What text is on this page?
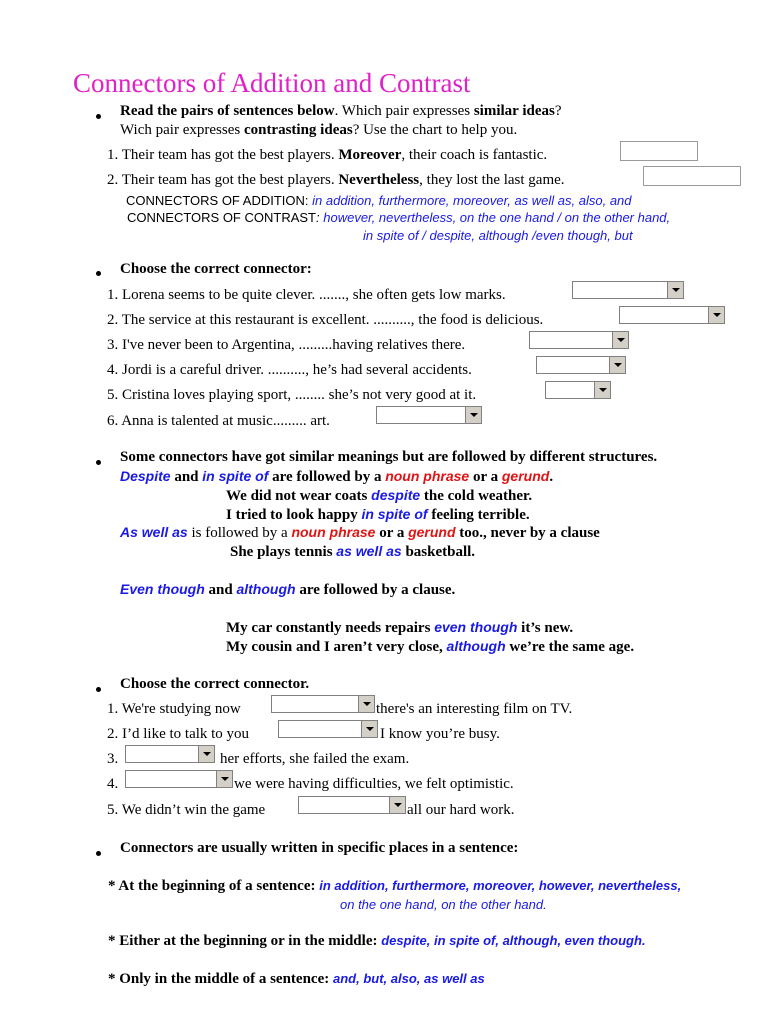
Connectors of Addition and Contrast
Read the pairs of sentences below. Which pair expresses similar ideas?
Wich pair expresses contrasting ideas? Use the chart to help you.
1. Their team has got the best players. Moreover, their coach is fantastic.
2. Their team has got the best players. Nevertheless, they lost the last game.
CONNECTORS OF ADDITION: in addition, furthermore, moreover, as well as, also, and
CONNECTORS OF CONTRAST: however, nevertheless, on the one hand / on the other hand,
in spite of / despite, although /even though, but
Choose the correct connector:
1. Lorena seems to be quite clever. ......., she often gets low marks.
2. The service at this restaurant is excellent. .........., the food is delicious.
3. I've never been to Argentina, .........having relatives there.
4. Jordi is a careful driver. .........., he’s had several accidents.
5. Cristina loves playing sport, ........ she’s not very good at it.
6. Anna is talented at music......... art.
Some connectors have got similar meanings but are followed by different structures.
Despite and in spite of are followed by a noun phrase or a gerund.
We did not wear coats despite the cold weather.
I tried to look happy in spite of feeling terrible.
As well as is followed by a noun phrase or a gerund too., never by a clause
She plays tennis as well as basketball.
Even though and although are followed by a clause.
My car constantly needs repairs even though it’s new.
My cousin and I aren’t very close, although we’re the same age.
Choose the correct connector.
1. We're studying now	there's an interesting film on TV.
2. I’d like to talk to you	I know you’re busy.
3.	her efforts, she failed the exam.
4.	we were having difficulties, we felt optimistic.
5. We didn’t win the game	all our hard work.
Connectors are usually written in specific places in a sentence:
* At the beginning of a sentence: in addition, furthermore, moreover, however, nevertheless,
on the one hand, on the other hand.
* Either at the beginning or in the middle: despite, in spite of, although, even though.
* Only in the middle of a sentence: and, but, also, as well as
